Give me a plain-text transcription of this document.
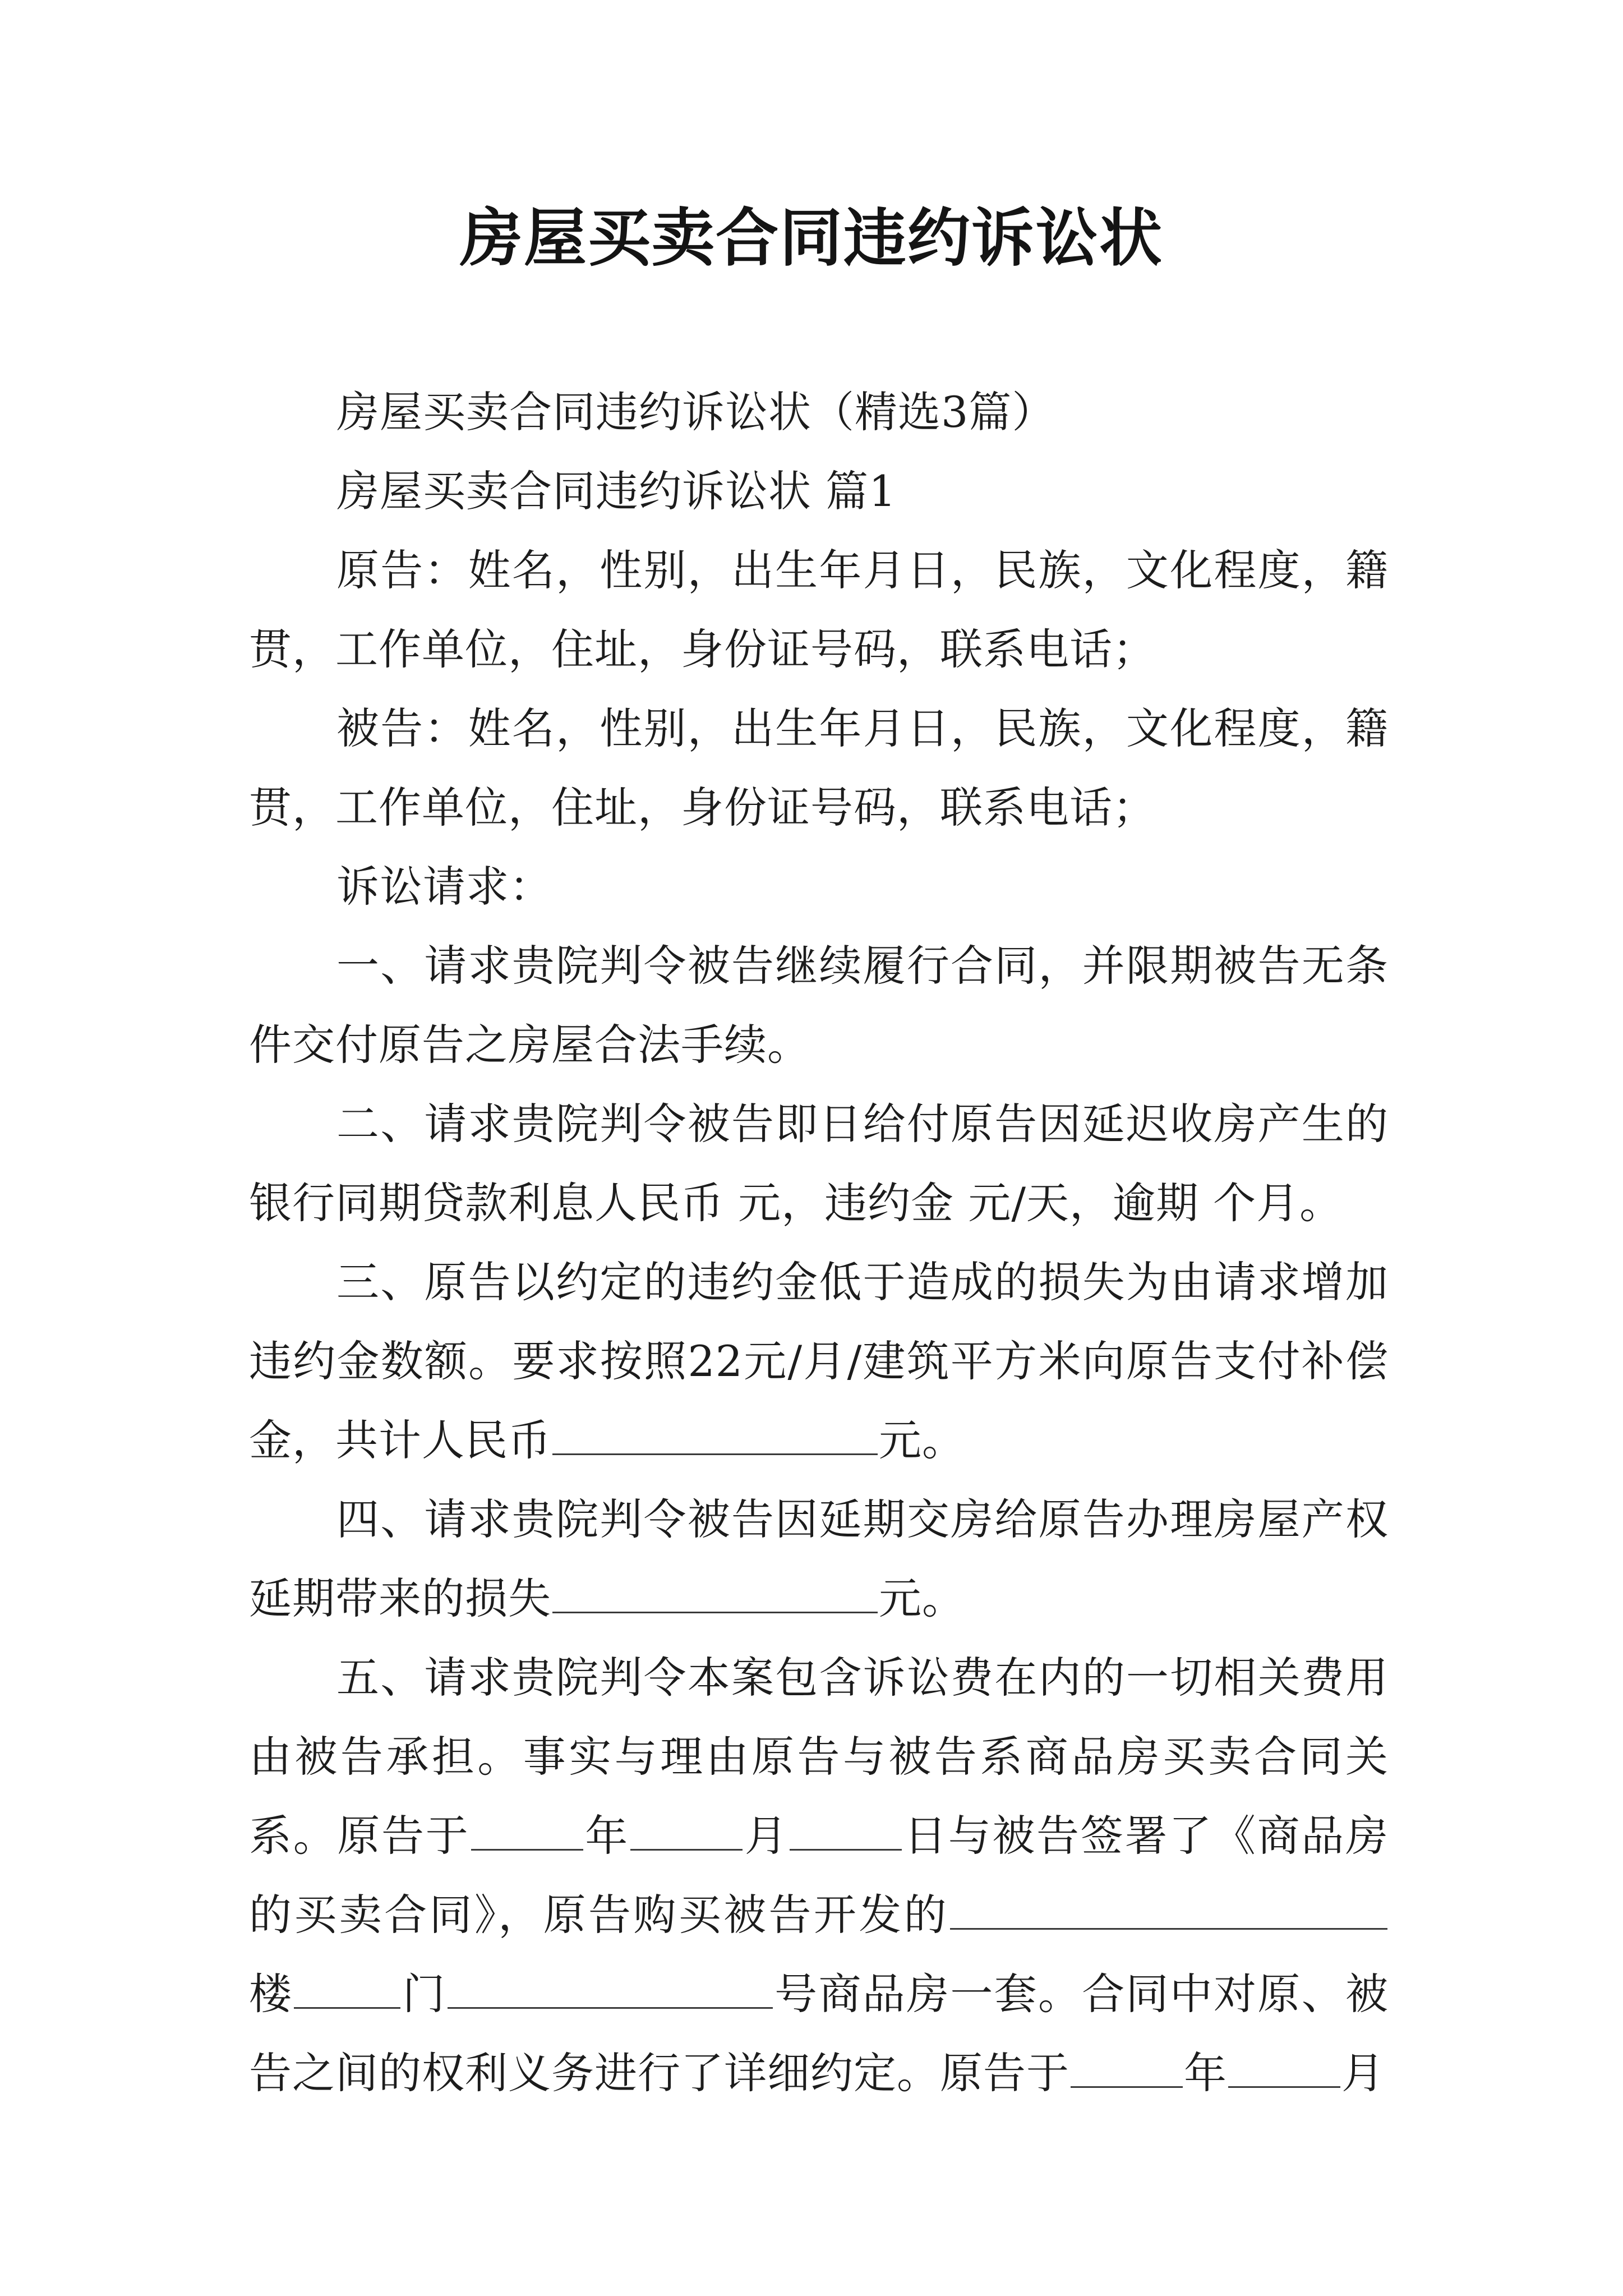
房屋买卖合同违约诉讼状

房屋买卖合同违约诉讼状（精选3篇）

房屋买卖合同违约诉讼状 篇1

原告：姓名，性别，出生年月日，民族，文化程度，籍贯，工作单位，住址，身份证号码，联系电话；

被告：姓名，性别，出生年月日，民族，文化程度，籍贯，工作单位，住址，身份证号码，联系电话；

诉讼请求：

一、请求贵院判令被告继续履行合同，并限期被告无条件交付原告之房屋合法手续。

二、请求贵院判令被告即日给付原告因延迟收房产生的银行同期贷款利息人民币 元，违约金 元/天，逾期 个月。

三、原告以约定的违约金低于造成的损失为由请求增加违约金数额。要求按照22元/月/建筑平方米向原告支付补偿金，共计人民币	元。

四、请求贵院判令被告因延期交房给原告办理房屋产权延期带来的损失	元。

五、请求贵院判令本案包含诉讼费在内的一切相关费用由被告承担。事实与理由原告与被告系商品房买卖合同关系。原告于	年	月	日与被告签署了《商品房的买卖合同》，原告购买被告开发的楼	门	号商品房一套。合同中对原、被告之间的权利义务进行了详细约定。原告于	年	月
